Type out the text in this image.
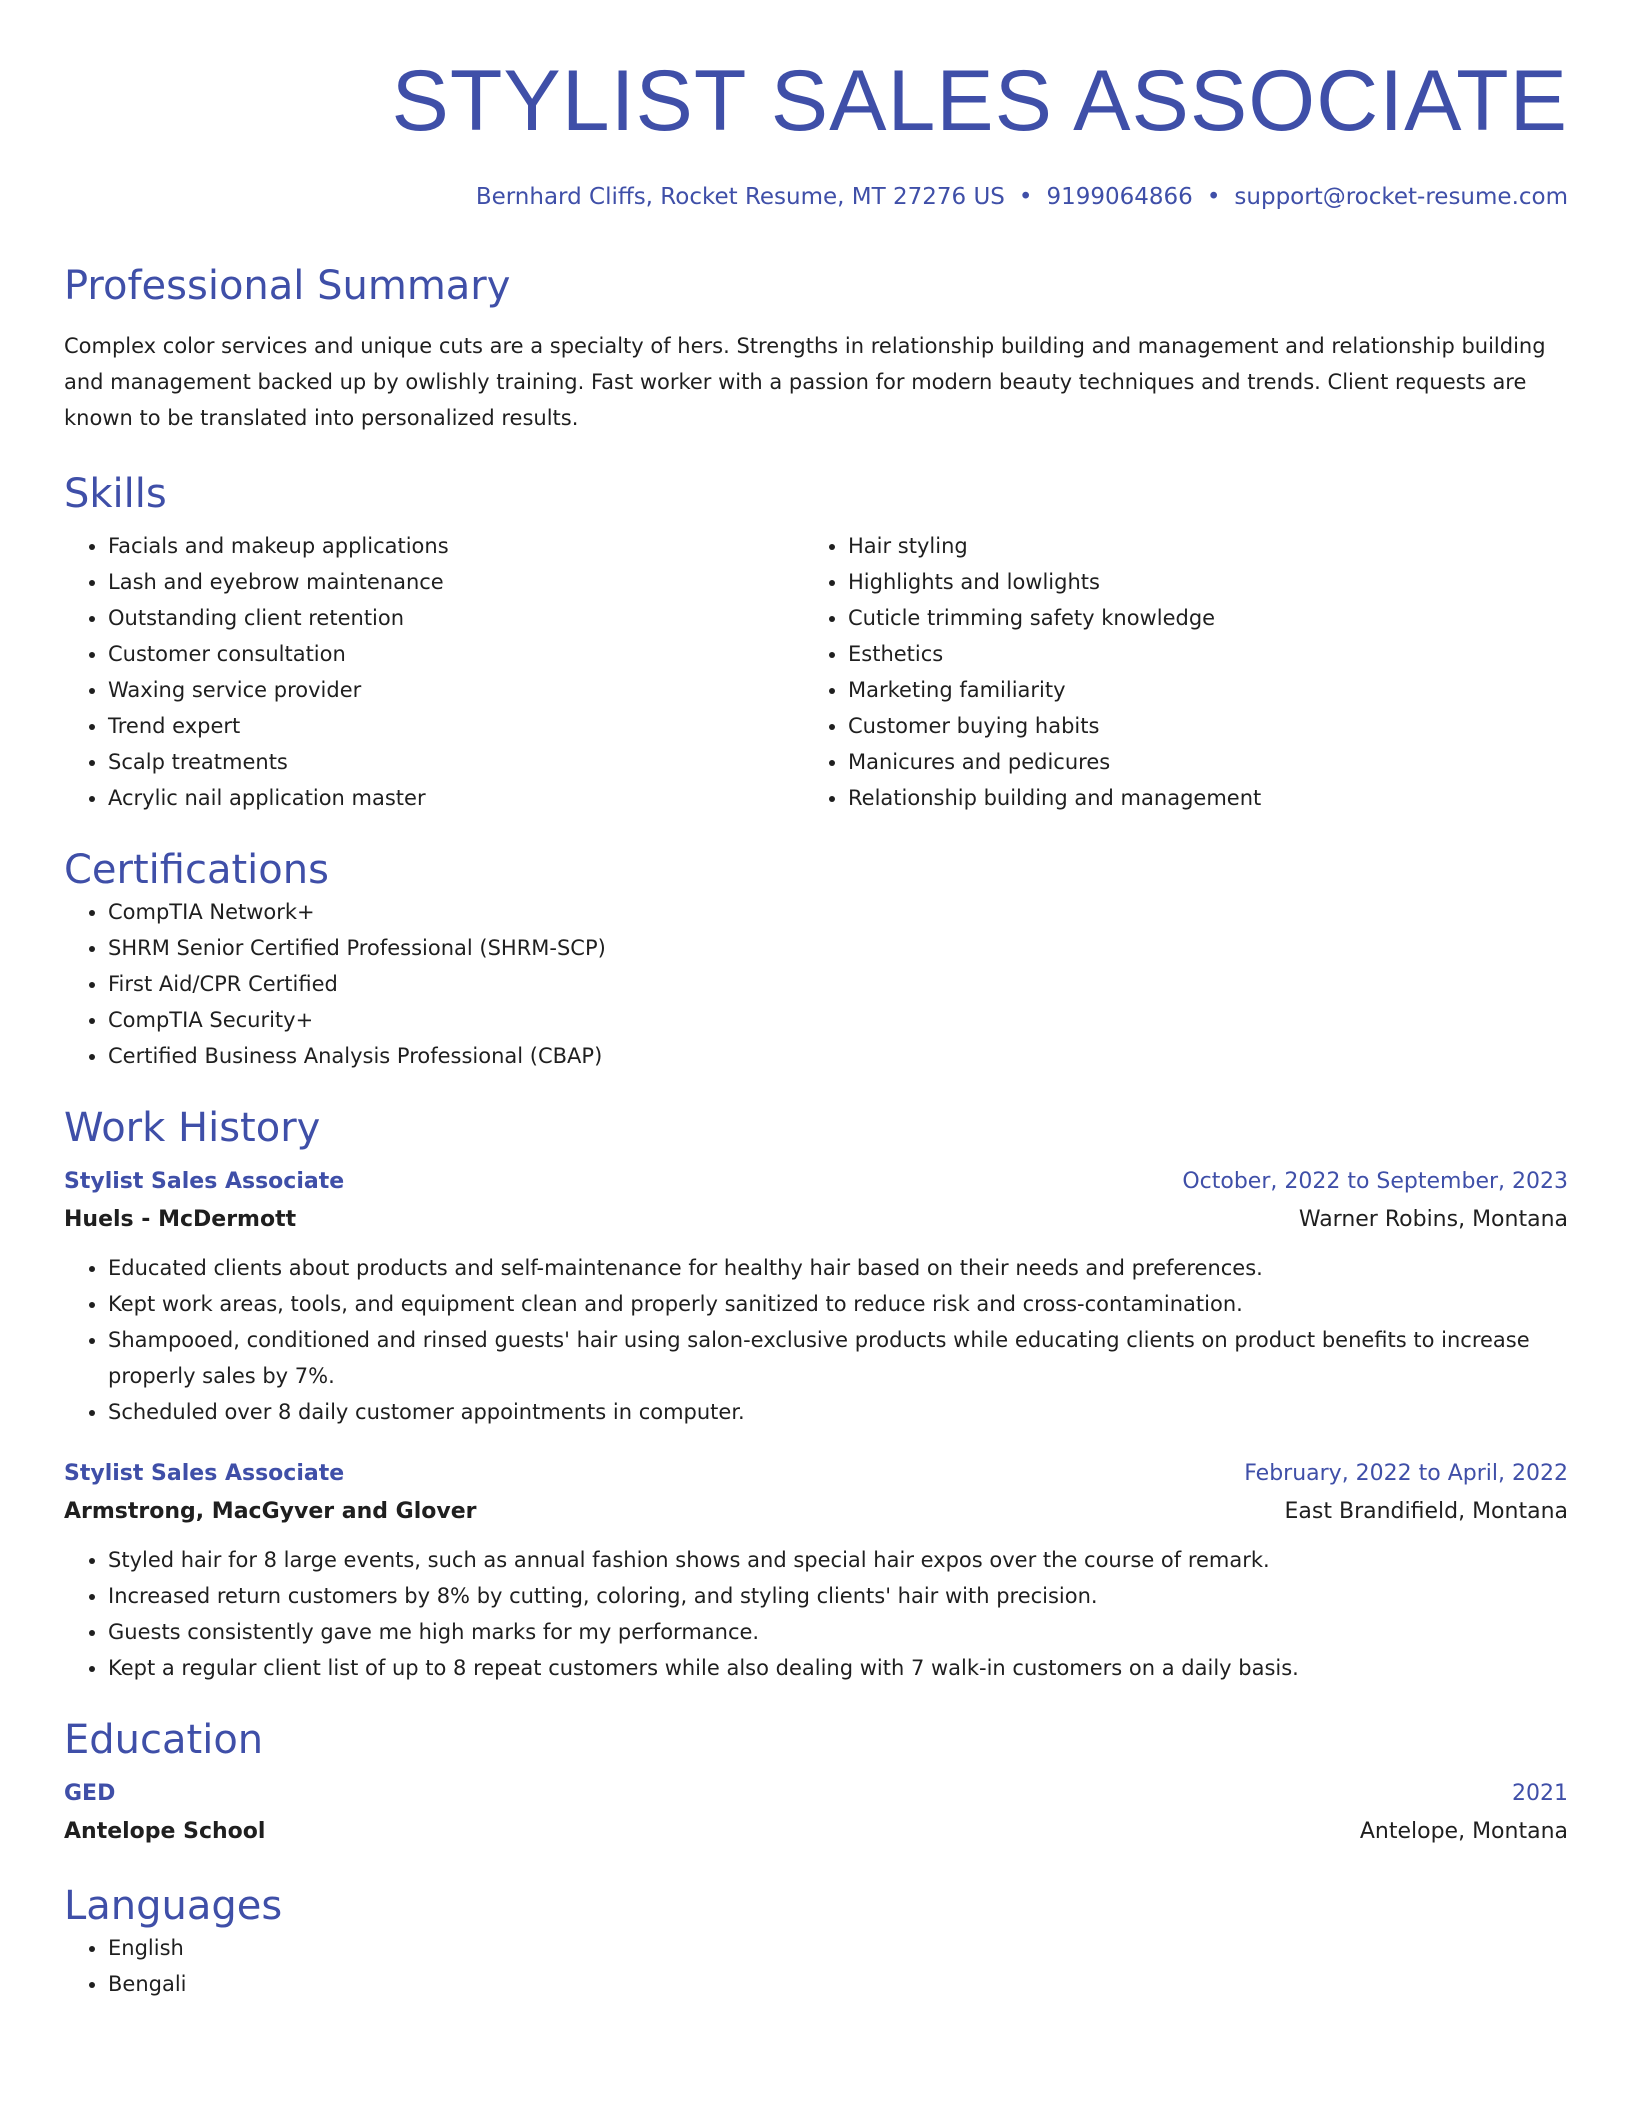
STYLIST SALES ASSOCIATE
Bernhard Cliffs, Rocket Resume, MT 27276 US • 9199064866 • support@rocket-resume.com
Professional Summary

Complex color services and unique cuts are a specialty of hers. Strengths in relationship building and management and relationship building and management backed up by owlishly training. Fast worker with a passion for modern beauty techniques and trends. Client requests are known to be translated into personalized results.

Skills
• Facials and makeup applications
• Lash and eyebrow maintenance
• Outstanding client retention
• Customer consultation
• Waxing service provider
• Trend expert
• Scalp treatments
• Acrylic nail application master
• Hair styling
• Highlights and lowlights
• Cuticle trimming safety knowledge
• Esthetics
• Marketing familiarity
• Customer buying habits
• Manicures and pedicures
• Relationship building and management
Certifications
• CompTIA Network+
• SHRM Senior Certified Professional (SHRM-SCP)
• First Aid/CPR Certified
• CompTIA Security+
• Certified Business Analysis Professional (CBAP)
Work History
Stylist Sales Associate	October, 2022 to September, 2023
Huels - McDermott	Warner Robins, Montana
• Educated clients about products and self-maintenance for healthy hair based on their needs and preferences.
• Kept work areas, tools, and equipment clean and properly sanitized to reduce risk and cross-contamination.
• Shampooed, conditioned and rinsed guests' hair using salon-exclusive products while educating clients on product benefits to increase properly sales by 7%.
• Scheduled over 8 daily customer appointments in computer.
Stylist Sales Associate	February, 2022 to April, 2022
Armstrong, MacGyver and Glover	East Brandifield, Montana
• Styled hair for 8 large events, such as annual fashion shows and special hair expos over the course of remark.
• Increased return customers by 8% by cutting, coloring, and styling clients' hair with precision.
• Guests consistently gave me high marks for my performance.
• Kept a regular client list of up to 8 repeat customers while also dealing with 7 walk-in customers on a daily basis.
Education
GED	2021
Antelope School	Antelope, Montana
Languages
• English
• Bengali
